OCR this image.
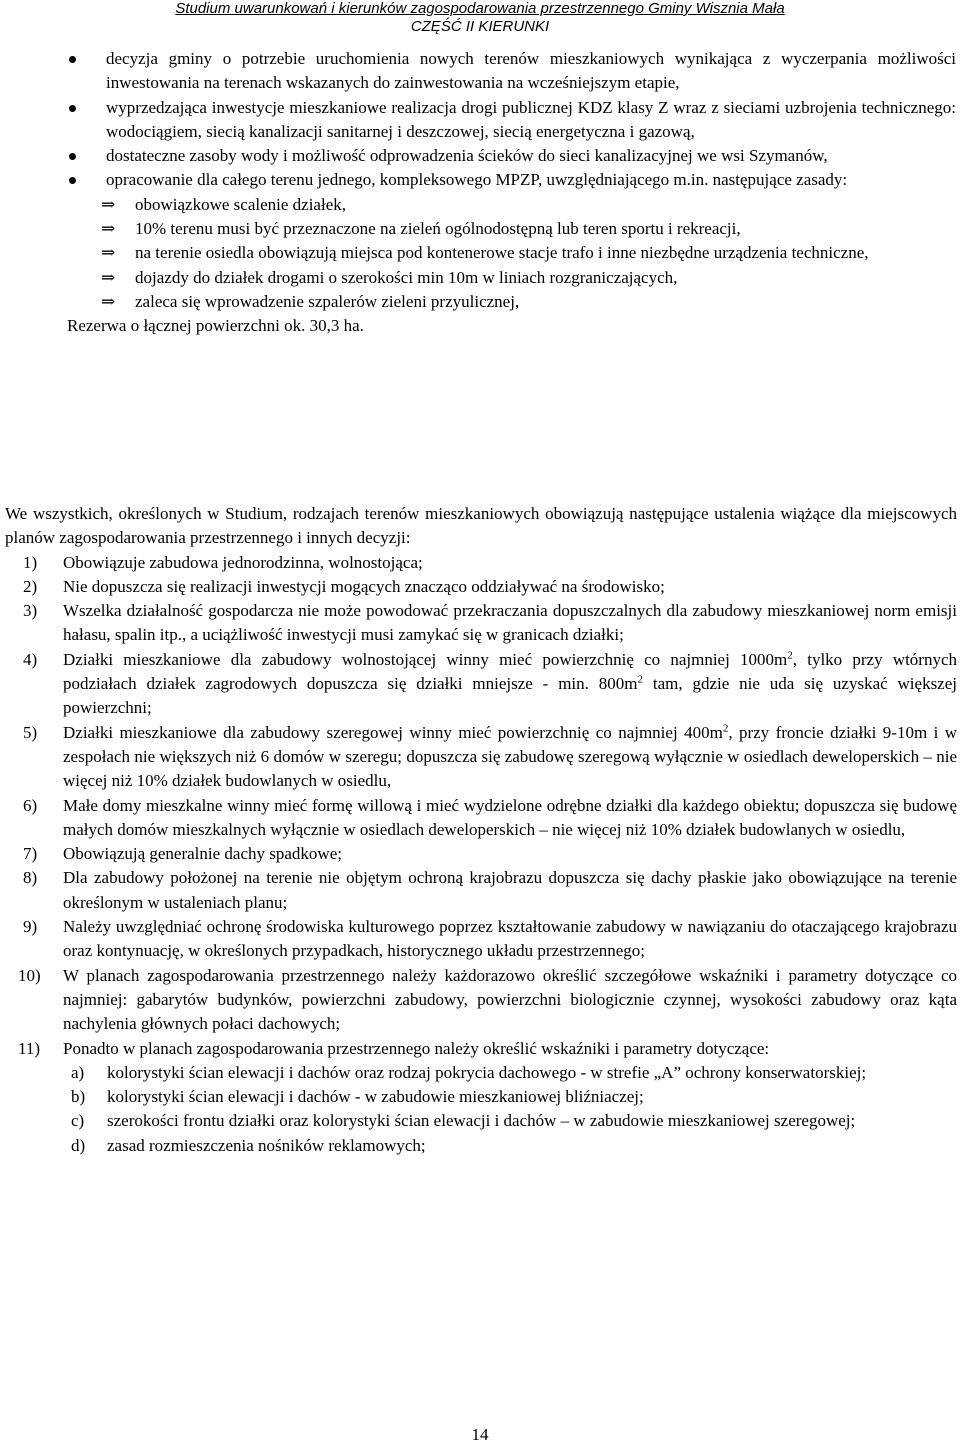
Studium uwarunkowań i kierunków zagospodarowania przestrzennego Gminy Wisznia Mała
CZĘŚĆ II KIERUNKI
decyzja gminy o potrzebie uruchomienia nowych terenów mieszkaniowych wynikająca z wyczerpania możliwości inwestowania na terenach wskazanych do zainwestowania na wcześniejszym etapie,
wyprzedzająca inwestycje mieszkaniowe realizacja drogi publicznej KDZ klasy Z wraz z sieciami uzbrojenia technicznego: wodociągiem, siecią kanalizacji sanitarnej i deszczowej, siecią energetyczna i gazową,
dostateczne zasoby wody i możliwość odprowadzenia ścieków do sieci kanalizacyjnej we wsi Szymanów,
opracowanie dla całego terenu jednego, kompleksowego MPZP, uwzględniającego m.in. następujące zasady:
⇒ obowiązkowe scalenie działek,
⇒ 10% terenu musi być przeznaczone na zieleń ogólnodostępną lub teren sportu i rekreacji,
⇒ na terenie osiedla obowiązują miejsca pod kontenerowe stacje trafo i inne niezbędne urządzenia techniczne,
⇒ dojazdy do działek drogami o szerokości min 10m w liniach rozgraniczających,
⇒ zaleca się wprowadzenie szpalerów zieleni przyulicznej,
Rezerwa o łącznej powierzchni ok. 30,3 ha.
We wszystkich, określonych w Studium, rodzajach terenów mieszkaniowych obowiązują następujące ustalenia wiążące dla miejscowych planów zagospodarowania przestrzennego i innych decyzji:
1) Obowiązuje zabudowa jednorodzinna, wolnostojąca;
2) Nie dopuszcza się realizacji inwestycji mogących znacząco oddziaływać na środowisko;
3) Wszelka działalność gospodarcza nie może powodować przekraczania dopuszczalnych dla zabudowy mieszkaniowej norm emisji hałasu, spalin itp., a uciążliwość inwestycji musi zamykać się w granicach działki;
4) Działki mieszkaniowe dla zabudowy wolnostojącej winny mieć powierzchnię co najmniej $1000m^2$, tylko przy wtórnych podziałach działek zagrodowych dopuszcza się działki mniejsze - min. $800m^2$ tam, gdzie nie uda się uzyskać większej powierzchni;
5) Działki mieszkaniowe dla zabudowy szeregowej winny mieć powierzchnię co najmniej $400m^2$, przy froncie działki 9-10m i w zespołach nie większych niż 6 domów w szeregu; dopuszcza się zabudowę szeregową wyłącznie w osiedlach deweloperskich – nie więcej niż 10% działek budowlanych w osiedlu,
6) Małe domy mieszkalne winny mieć formę willową i mieć wydzielone odrębne działki dla każdego obiektu; dopuszcza się budowę małych domów mieszkalnych wyłącznie w osiedlach deweloperskich – nie więcej niż 10% działek budowlanych w osiedlu,
7) Obowiązują generalnie dachy spadkowe;
8) Dla zabudowy położonej na terenie nie objętym ochroną krajobrazu dopuszcza się dachy płaskie jako obowiązujące na terenie określonym w ustaleniach planu;
9) Należy uwzględniać ochronę środowiska kulturowego poprzez kształtowanie zabudowy w nawiązaniu do otaczającego krajobrazu oraz kontynuację, w określonych przypadkach, historycznego układu przestrzennego;
10) W planach zagospodarowania przestrzennego należy każdorazowo określić szczegółowe wskaźniki i parametry dotyczące co najmniej: gabarytów budynków, powierzchni zabudowy, powierzchni biologicznie czynnej, wysokości zabudowy oraz kąta nachylenia głównych połaci dachowych;
11) Ponadto w planach zagospodarowania przestrzennego należy określić wskaźniki i parametry dotyczące:
a) kolorystyki ścian elewacji i dachów oraz rodzaj pokrycia dachowego - w strefie „A” ochrony konserwatorskiej;
b) kolorystyki ścian elewacji i dachów - w zabudowie mieszkaniowej bliźniaczej;
c) szerokości frontu działki oraz kolorystyki ścian elewacji i dachów – w zabudowie mieszkaniowej szeregowej;
d) zasad rozmieszczenia nośników reklamowych;
14
